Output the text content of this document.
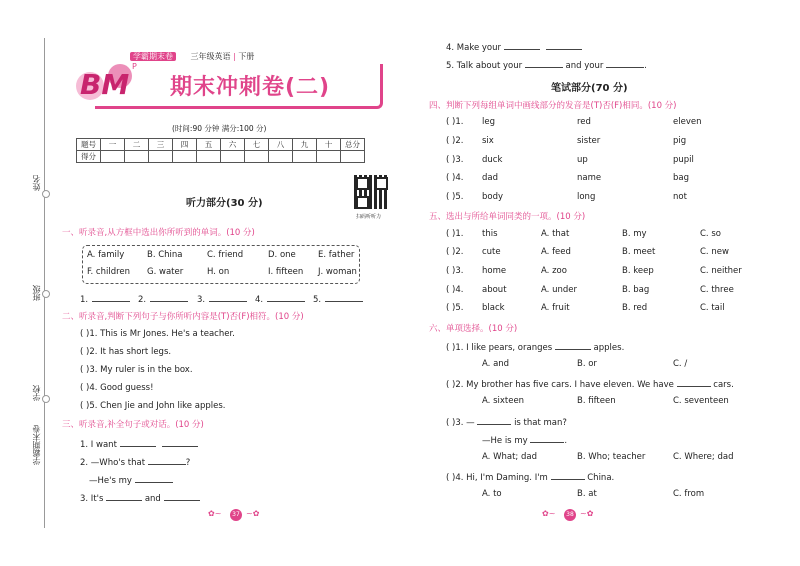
姓名
班级
学校
学霸期末卷
BM
P
学霸期末卷 三年级英语 | 下册
期末冲刺卷(二)
(时间:90 分钟 满分:100 分)
题号	一	二	三	四	五	六	七	八	九	十	总分
得分											
扫码听听力
听力部分(30 分)
一、听录音,从方框中选出你所听到的单词。(10 分)
A. family	B. China	C. friend	D. one	E. father
F. children G. water	H. on	I. fifteen J. woman
1.	2.	3.	4.	5.
二、听录音,判断下列句子与你所听内容是(T)否(F)相符。(10 分)
( )1. This is Mr Jones. He's a teacher.
( )2. It has short legs.
( )3. My ruler is in the box.
( )4. Good guess!
( )5. Chen Jie and John like apples.
三、听录音,补全句子或对话。(10 分)
1. I want
2. —Who's that	?
—He's my
3. It's	and
4. Make your
5. Talk about your	and your	.
笔试部分(70 分)
四、判断下列每组单词中画线部分的发音是(T)否(F)相同。(10 分)
( )1. leg	red	eleven
( )2. six	sister	pig
( )3. duck	up	pupil
( )4. dad	name	bag
( )5. body	long	not
五、选出与所给单词同类的一项。(10 分)
( )1. this	A. that	B. my	C. so
( )2. cute	A. feed	B. meet	C. new
( )3. home	A. zoo	B. keep	C. neither
( )4. about	A. under	B. bag	C. three
( )5. black	A. fruit	B. red	C. tail
六、单项选择。(10 分)
( )1. I like pears, oranges	apples.
A. and	B. or	C. /
( )2. My brother has five cars. I have eleven. We have	cars.
A. sixteen	B. fifteen	C. seventeen
( )3. —	is that man?
—He is my	.
A. What; dad	B. Who; teacher	C. Where; dad
( )4. Hi, I'm Daming. I'm	China.
A. to	B. at	C. from
✿~	37 ~✿	✿~	38 ~✿
